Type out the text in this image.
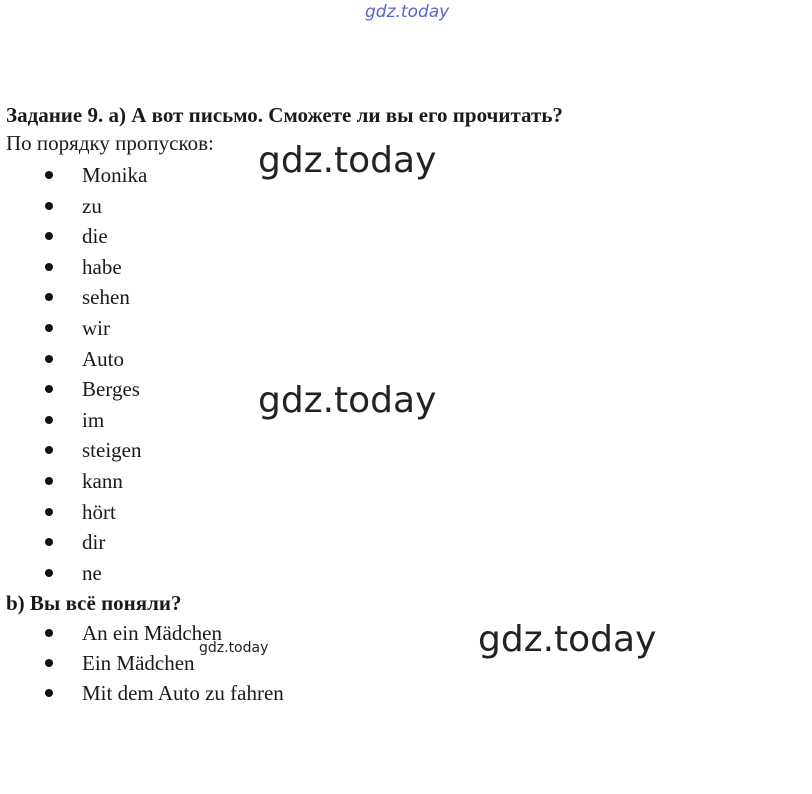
gdz.today
Задание 9. а) А вот письмо. Сможете ли вы его прочитать?
По порядку пропусков:
Monika
zu
die
habe
sehen
wir
Auto
Berges
im
steigen
kann
hört
dir
ne
b) Вы всё поняли?
An ein Mädchen
Ein Mädchen
Mit dem Auto zu fahren
gdz.today
gdz.today
gdz.today
gdz.today
